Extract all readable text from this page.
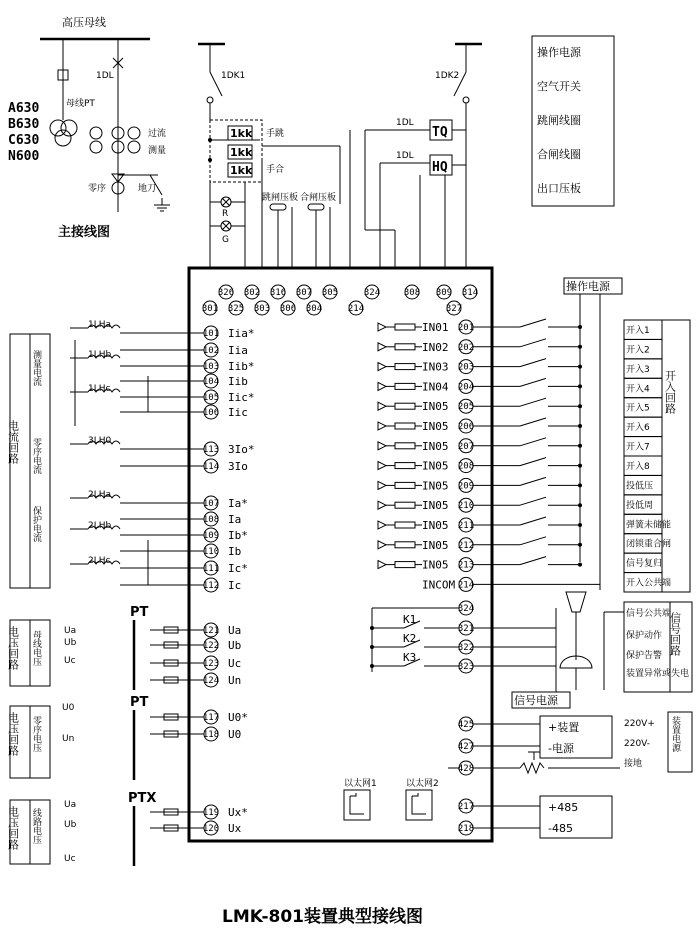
高压母线
母线PT
1DL
过流
测量
零序	地刀
A630
B630
C630
N600
主接线图
1DK1	1DK2
1kk
1kk
1kk
手跳
手合
R
G
跳闸压板 合闸压板
1DL
TQ
1DL
HQ
操作电源
空气开关
跳闸线圈
合闸线圈
出口压板
326
301
302
325
316
303
307
306
305
304
324
214
308 309 314
327
101 Iia*
102 Iia
103 Iib*
104 Iib
105 Iic*
106 Iic
113 3Io*
114 3Io
107 Ia*
108 Ia
109 Ib*
110 Ib
111 Ic*
112 Ic
121 Ua
122 Ub
123 Uc
124 Un
117 U0*
118 U0
119 Ux*
120 Ux
电流回路
测量电流
零序电流
保护电流
1LHa
1LHb
1LHc
3LH0
2LHa
2LHb
2LHc
电压回路 母线电压
PT
Ua
Ub
Uc
电压回路 零序电压
PT
U0
Un
电压回路 线路电压
PTX
Ua
Ub
Uc
操作电源
开入回路
IN01 201	开入1
IN02 202	开入2
IN03 203	开入3
IN04 204	开入4
IN05 205	开入5
IN05 206	开入6
IN05 207	开入7
IN05 208	开入8
IN05 209	投低压
IN05 210	投低周
IN05 211	弹簧未储能
IN05 212	闭锁重合闸
IN05 213	信号复归
INCOM 214	开入公共端
信号电源
信号公共端
保护动作
保护告警
装置异常或失电
信号回路
324
K1
321
K2
322
K3
323
+装置
-电源
220V+
220V-
接地
装置电源
425
427
428
以太网1	以太网2
+485
-485
217
218
LMK-801装置典型接线图
